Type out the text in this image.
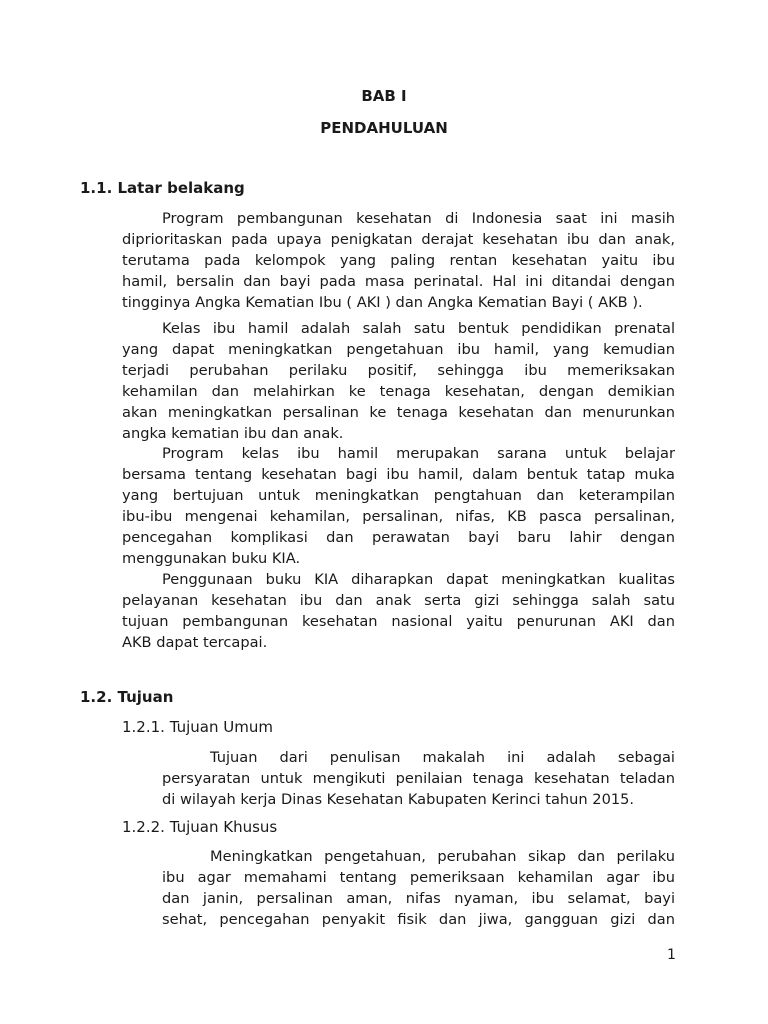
BAB I
PENDAHULUAN
1.1. Latar belakang
Program pembangunan kesehatan di Indonesia saat ini masih
diprioritaskan pada upaya penigkatan derajat kesehatan ibu dan anak,
terutama pada kelompok yang paling rentan kesehatan yaitu ibu
hamil, bersalin dan bayi pada masa perinatal. Hal ini ditandai dengan
tingginya Angka Kematian Ibu ( AKI ) dan Angka Kematian Bayi ( AKB ).
Kelas ibu hamil adalah salah satu bentuk pendidikan prenatal
yang dapat meningkatkan pengetahuan ibu hamil, yang kemudian
terjadi perubahan perilaku positif, sehingga ibu memeriksakan
kehamilan dan melahirkan ke tenaga kesehatan, dengan demikian
akan meningkatkan persalinan ke tenaga kesehatan dan menurunkan
angka kematian ibu dan anak.
Program kelas ibu hamil merupakan sarana untuk belajar
bersama tentang kesehatan bagi ibu hamil, dalam bentuk tatap muka
yang bertujuan untuk meningkatkan pengtahuan dan keterampilan
ibu-ibu mengenai kehamilan, persalinan, nifas, KB pasca persalinan,
pencegahan komplikasi dan perawatan bayi baru lahir dengan
menggunakan buku KIA.
Penggunaan buku KIA diharapkan dapat meningkatkan kualitas
pelayanan kesehatan ibu dan anak serta gizi sehingga salah satu
tujuan pembangunan kesehatan nasional yaitu penurunan AKI dan
AKB dapat tercapai.
1.2. Tujuan
1.2.1. Tujuan Umum
Tujuan dari penulisan makalah ini adalah sebagai
persyaratan untuk mengikuti penilaian tenaga kesehatan teladan
di wilayah kerja Dinas Kesehatan Kabupaten Kerinci tahun 2015.
1.2.2. Tujuan Khusus
Meningkatkan pengetahuan, perubahan sikap dan perilaku
ibu agar memahami tentang pemeriksaan kehamilan agar ibu
dan janin, persalinan aman, nifas nyaman, ibu selamat, bayi
sehat, pencegahan penyakit fisik dan jiwa, gangguan gizi dan
1
